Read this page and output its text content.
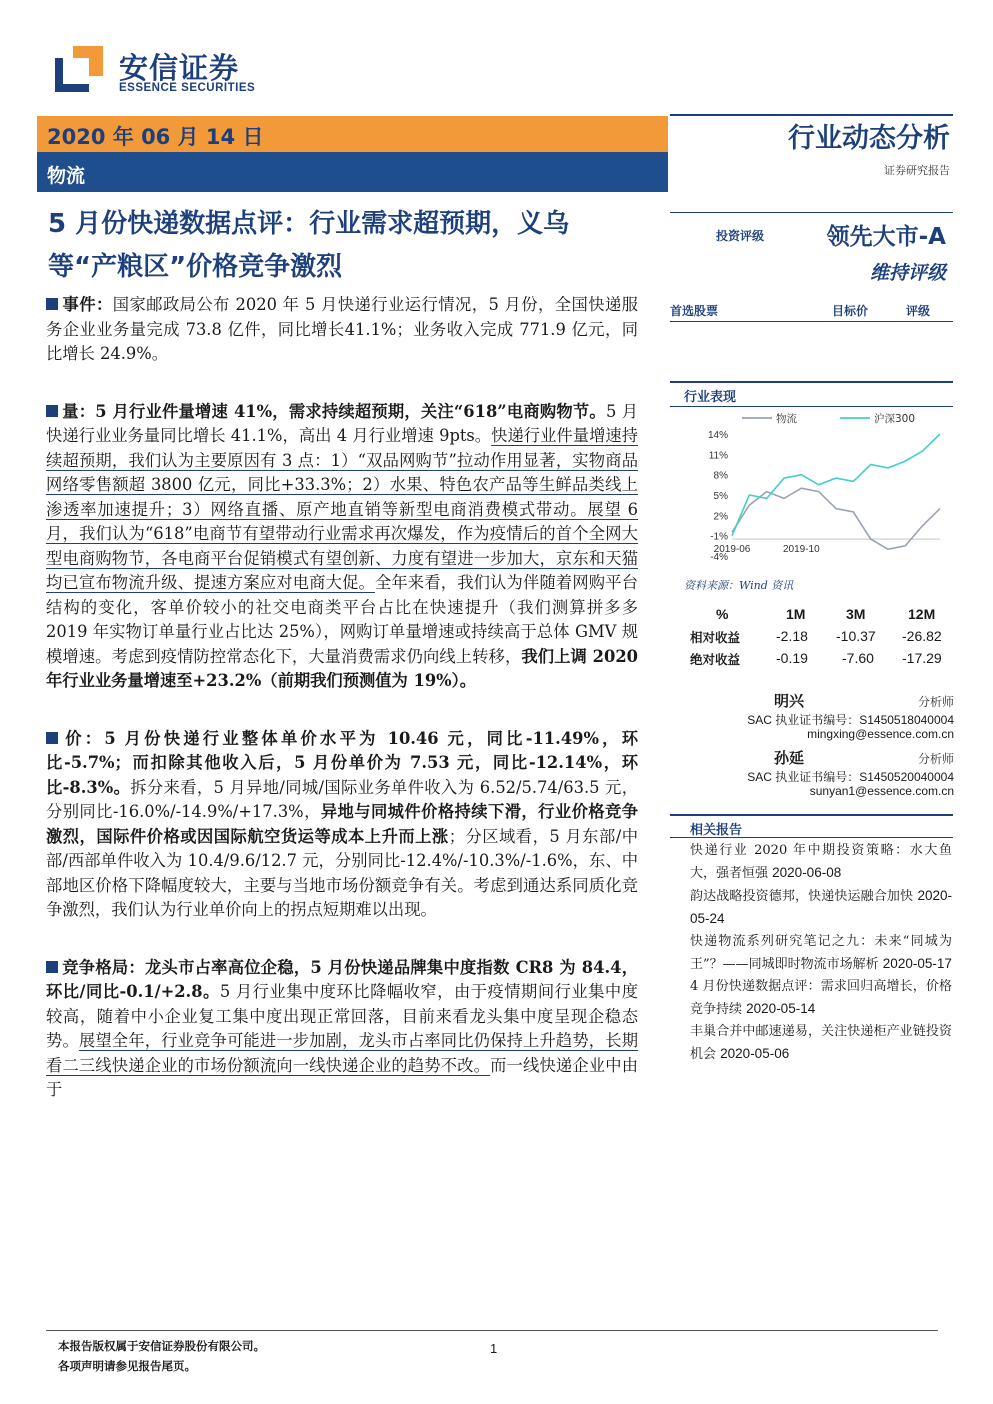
安信证券
ESSENCE SECURITIES
2020 年 06 月 14 日
物流
行业动态分析
证券研究报告
5 月份快递数据点评：行业需求超预期，义乌
等“产粮区”价格竞争激烈

事件：国家邮政局公布 2020 年 5 月快递行业运行情况，5 月份，全国快递服务企业业务量完成 73.8 亿件，同比增长41.1%；业务收入完成 771.9 亿元，同比增长 24.9%。

量：5 月行业件量增速 41%，需求持续超预期，关注“618”电商购物节。5 月快递行业业务量同比增长 41.1%，高出 4 月行业增速 9pts。快递行业件量增速持续超预期，我们认为主要原因有 3 点：1）“双品网购节”拉动作用显著，实物商品网络零售额超 3800 亿元，同比+33.3%；2）水果、特色农产品等生鲜品类线上渗透率加速提升；3）网络直播、原产地直销等新型电商消费模式带动。展望 6 月，我们认为“618”电商节有望带动行业需求再次爆发，作为疫情后的首个全网大型电商购物节，各电商平台促销模式有望创新、力度有望进一步加大，京东和天猫均已宣布物流升级、提速方案应对电商大促。全年来看，我们认为伴随着网购平台结构的变化，客单价较小的社交电商类平台占比在快速提升（我们测算拼多多 2019 年实物订单量行业占比达 25%），网购订单量增速或持续高于总体 GMV 规模增速。考虑到疫情防控常态化下，大量消费需求仍向线上转移，我们上调 2020 年行业业务量增速至+23.2%（前期我们预测值为 19%）。

价：5 月份快递行业整体单价水平为 10.46 元，同比-11.49%，环比-5.7%；而扣除其他收入后，5 月份单价为 7.53 元，同比-12.14%，环比-8.3%。拆分来看，5 月异地/同城/国际业务单件收入为 6.52/5.74/63.5 元，分别同比-16.0%/-14.9%/+17.3%，异地与同城件价格持续下滑，行业价格竞争激烈，国际件价格或因国际航空货运等成本上升而上涨；分区域看，5 月东部/中部/西部单件收入为 10.4/9.6/12.7 元，分别同比-12.4%/-10.3%/-1.6%，东、中部地区价格下降幅度较大，主要与当地市场份额竞争有关。考虑到通达系同质化竞争激烈，我们认为行业单价向上的拐点短期难以出现。

竞争格局：龙头市占率高位企稳，5 月份快递品牌集中度指数 CR8 为 84.4，环比/同比-0.1/+2.8。5 月行业集中度环比降幅收窄，由于疫情期间行业集中度较高，随着中小企业复工集中度出现正常回落，目前来看龙头集中度呈现企稳态势。展望全年，行业竞争可能进一步加剧，龙头市占率同比仍保持上升趋势，长期看二三线快递企业的市场份额流向一线快递企业的趋势不改。而一线快递企业中由于

投资评级	领先大市-A
维持评级
首选股票	目标价	评级
行业表现
14%
11%
8%
5%
2%
-1%
-4%
2019-06	2019-10
物流	沪深300
资料来源：Wind 资讯
%	1M	3M	12M
相对收益	-2.18 -10.37 -26.82
绝对收益	-0.19 -7.60 -17.29
明兴	分析师
SAC 执业证书编号：S1450518040004
mingxing@essence.com.cn
孙延	分析师
SAC 执业证书编号：S1450520040004
sunyan1@essence.com.cn
相关报告
快递行业 2020 年中期投资策略：水大鱼大，强者恒强 2020-06-08
韵达战略投资德邦，快递快运融合加快 2020-05-24
快递物流系列研究笔记之九：未来“同城为王”？——同城即时物流市场解析 2020-05-17
4 月份快递数据点评：需求回归高增长，价格竞争持续 2020-05-14
丰巢合并中邮速递易，关注快递柜产业链投资机会 2020-05-06
本报告版权属于安信证券股份有限公司。
各项声明请参见报告尾页。
1
